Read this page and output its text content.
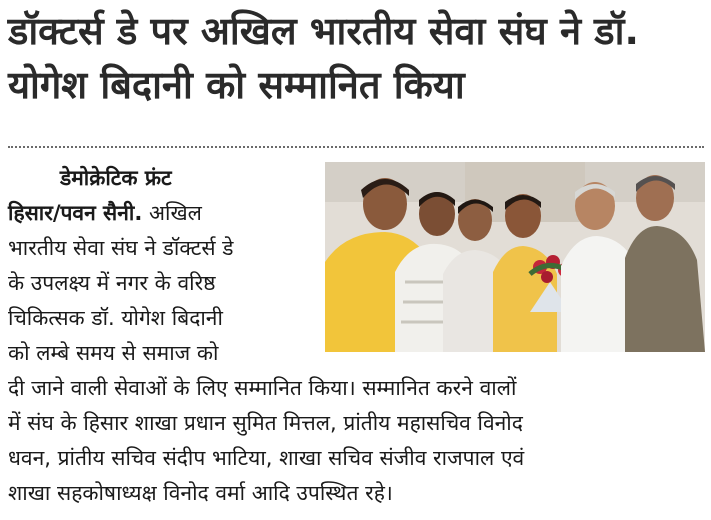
डॉक्टर्स डे पर अखिल भारतीय सेवा संघ ने डॉ.
योगेश बिदानी को सम्मानित किया
डेमोक्रेटिक फ्रंट
हिसार/पवन सैनी. अखिल
भारतीय सेवा संघ ने डॉक्टर्स डे
के उपलक्ष्य में नगर के वरिष्ठ
चिकित्सक डॉ. योगेश बिदानी
को लम्बे समय से समाज को
दी जाने वाली सेवाओं के लिए सम्मानित किया। सम्मानित करने वालों
में संघ के हिसार शाखा प्रधान सुमित मित्तल, प्रांतीय महासचिव विनोद
धवन, प्रांतीय सचिव संदीप भाटिया, शाखा सचिव संजीव राजपाल एवं
शाखा सहकोषाध्यक्ष विनोद वर्मा आदि उपस्थित रहे।
